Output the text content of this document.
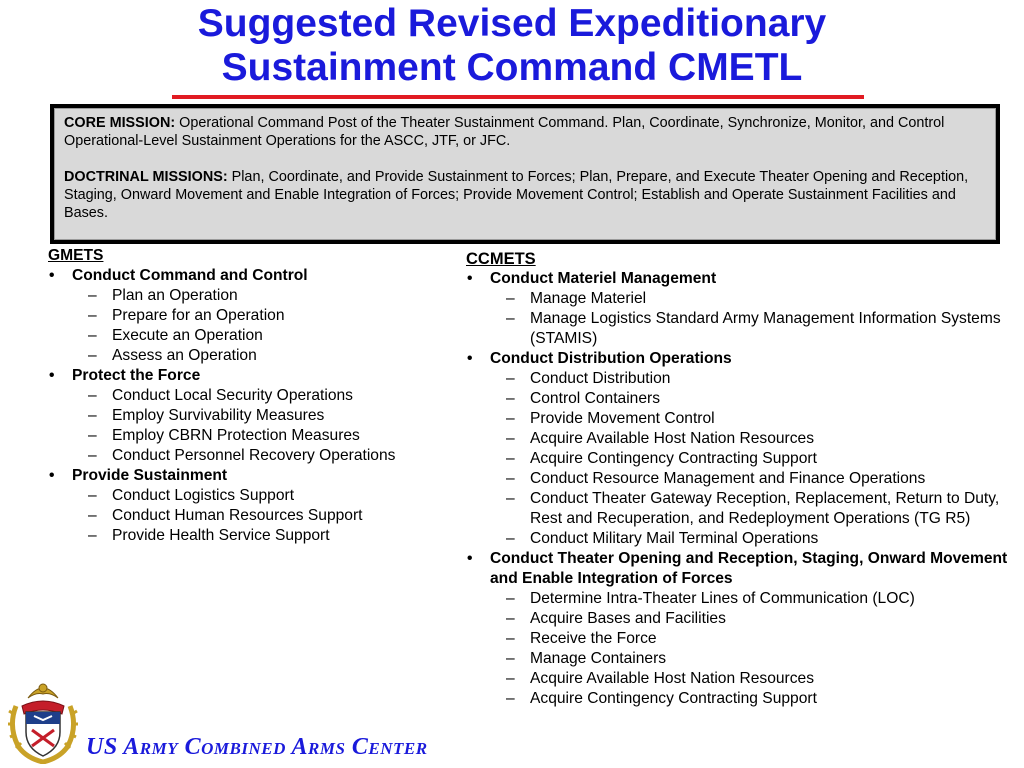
Suggested Revised Expeditionary
Sustainment Command CMETL

CORE MISSION: Operational Command Post of the Theater Sustainment Command. Plan, Coordinate, Synchronize, Monitor, and Control Operational-Level Sustainment Operations for the ASCC, JTF, or JFC.

DOCTRINAL MISSIONS: Plan, Coordinate, and Provide Sustainment to Forces; Plan, Prepare, and Execute Theater Opening and Reception, Staging, Onward Movement and Enable Integration of Forces; Provide Movement Control; Establish and Operate Sustainment Facilities and Bases.

GMETS
• Conduct Command and Control
– Plan an Operation
– Prepare for an Operation
– Execute an Operation
– Assess an Operation
• Protect the Force
– Conduct Local Security Operations
– Employ Survivability Measures
– Employ CBRN Protection Measures
– Conduct Personnel Recovery Operations
• Provide Sustainment
– Conduct Logistics Support
– Conduct Human Resources Support
– Provide Health Service Support
CCMETS
• Conduct Materiel Management
– Manage Materiel
– Manage Logistics Standard Army Management Information Systems (STAMIS)
• Conduct Distribution Operations
– Conduct Distribution
– Control Containers
– Provide Movement Control
– Acquire Available Host Nation Resources
– Acquire Contingency Contracting Support
– Conduct Resource Management and Finance Operations
– Conduct Theater Gateway Reception, Replacement, Return to Duty, Rest and Recuperation, and Redeployment Operations (TG R5)
– Conduct Military Mail Terminal Operations
• Conduct Theater Opening and Reception, Staging, Onward Movement and Enable Integration of Forces
– Determine Intra-Theater Lines of Communication (LOC)
– Acquire Bases and Facilities
– Receive the Force
– Manage Containers
– Acquire Available Host Nation Resources
– Acquire Contingency Contracting Support
US Army Combined Arms Center
